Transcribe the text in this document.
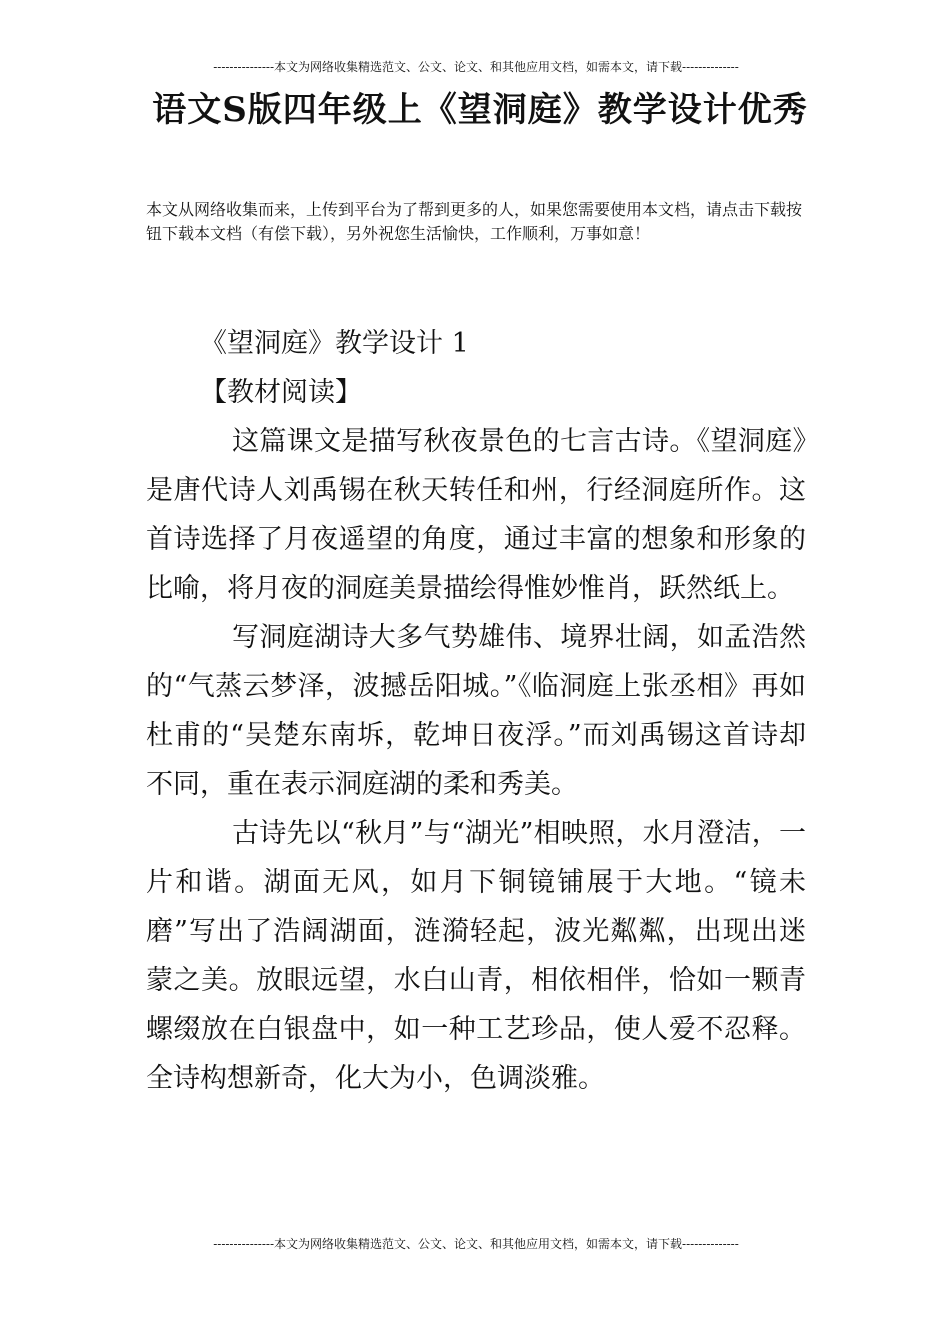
---------------本文为网络收集精选范文、公文、论文、和其他应用文档，如需本文，请下载--------------
语文S版四年级上《望洞庭》教学设计优秀
本文从网络收集而来，上传到平台为了帮到更多的人，如果您需要使用本文档，请点击下载按钮下载本文档（有偿下载），另外祝您生活愉快，工作顺利，万事如意！

《望洞庭》教学设计 1

【教材阅读】

这篇课文是描写秋夜景色的七言古诗。《望洞庭》是唐代诗人刘禹锡在秋天转任和州，行经洞庭所作。这首诗选择了月夜遥望的角度，通过丰富的想象和形象的比喻，将月夜的洞庭美景描绘得惟妙惟肖，跃然纸上。

写洞庭湖诗大多气势雄伟、境界壮阔，如孟浩然的“气蒸云梦泽，波撼岳阳城。”《临洞庭上张丞相》再如杜甫的“吴楚东南坼，乾坤日夜浮。”而刘禹锡这首诗却不同，重在表示洞庭湖的柔和秀美。

古诗先以“秋月”与“湖光”相映照，水月澄洁，一片和谐。湖面无风，如月下铜镜铺展于大地。“镜未磨”写出了浩阔湖面，涟漪轻起，波光粼粼，出现出迷蒙之美。放眼远望，水白山青，相依相伴，恰如一颗青螺缀放在白银盘中，如一种工艺珍品，使人爱不忍释。全诗构想新奇，化大为小，色调淡雅。

---------------本文为网络收集精选范文、公文、论文、和其他应用文档，如需本文，请下载--------------
